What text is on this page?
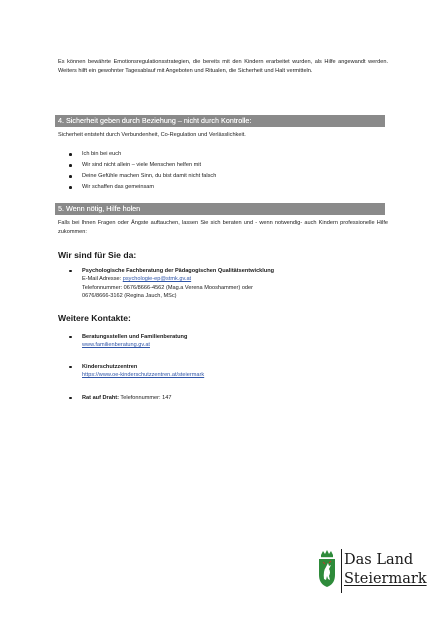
Es können bewährte Emotionsregulationsstrategien, die bereits mit den Kindern erarbeitet wurden, als Hilfe angewandt werden. Weiters hilft ein gewohnter Tagesablauf mit Angeboten und Ritualen, die Sicherheit und Halt vermitteln.

4. Sicherheit geben durch Beziehung – nicht durch Kontrolle:

Sicherheit entsteht durch Verbundenheit, Co-Regulation und Verlässlichkeit.

Ich bin bei euch
Wir sind nicht allein – viele Menschen helfen mit
Deine Gefühle machen Sinn, du bist damit nicht falsch
Wir schaffen das gemeinsam
5. Wenn nötig, Hilfe holen

Falls bei Ihnen Fragen oder Ängste auftauchen, lassen Sie sich beraten und - wenn notwendig- auch Kindern professionelle Hilfe zukommen:

Wir sind für Sie da:
Psychologische Fachberatung der Pädagogischen Qualitätsentwicklung
E-Mail Adresse: psychologie-ep@stmk.gv.at
Telefonnummer: 0676/8666-4562 (Mag.a Verena Mooshammer) oder
0676/8666-3162 (Regina Jauch, MSc)
Weitere Kontakte:
Beratungsstellen und Familienberatung
www.familienberatung.gv.at
Kinderschutzzentren
https://www.oe-kinderschutzzentren.at/steiermark
Rat auf Draht: Telefonnummer: 147
Das Land
Steiermark
